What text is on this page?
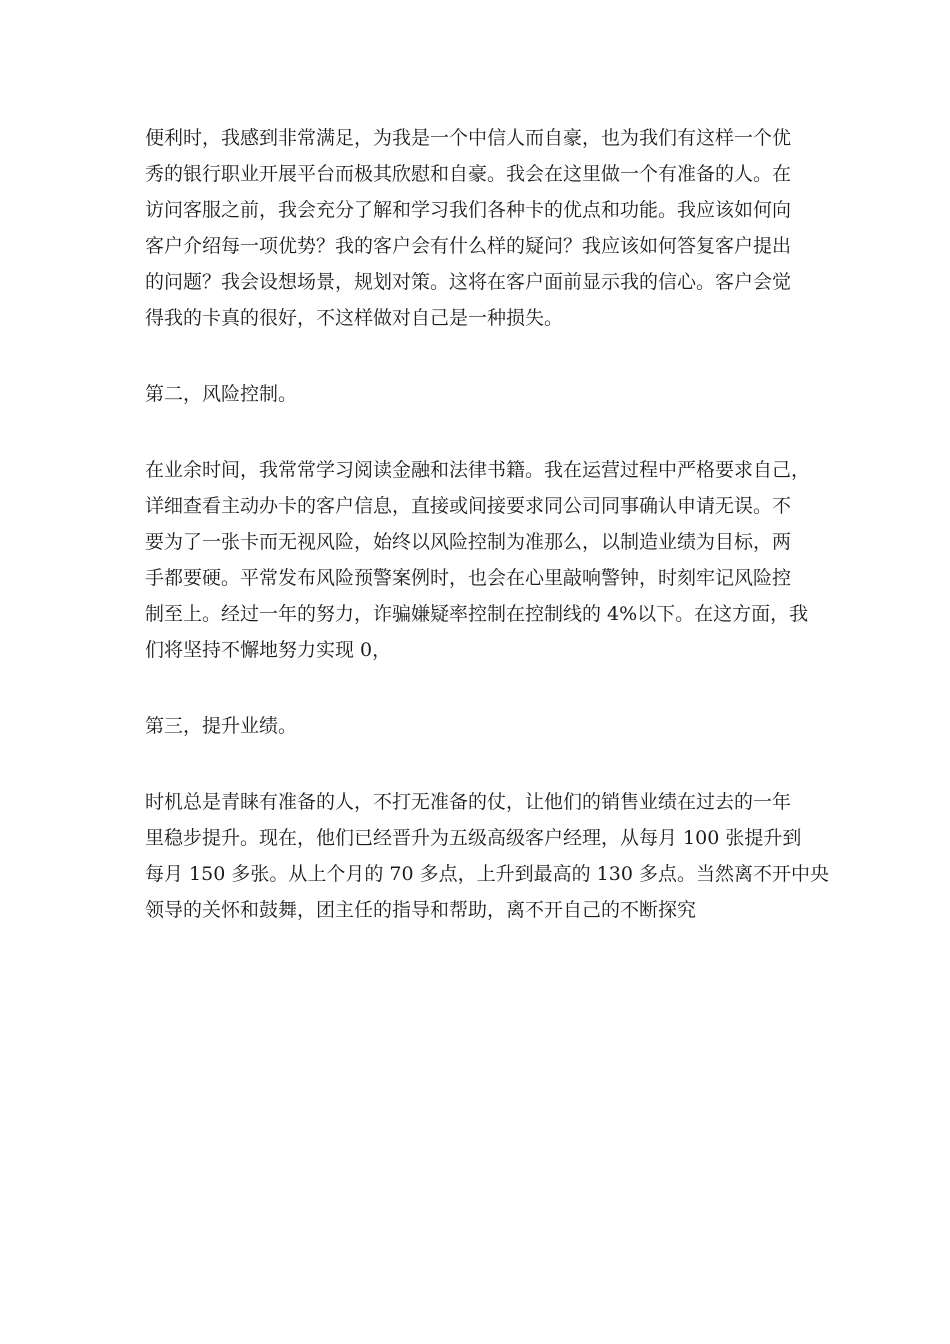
便利时，我感到非常满足，为我是一个中信人而自豪，也为我们有这样一个优
秀的银行职业开展平台而极其欣慰和自豪。我会在这里做一个有准备的人。在
访问客服之前，我会充分了解和学习我们各种卡的优点和功能。我应该如何向
客户介绍每一项优势？我的客户会有什么样的疑问？我应该如何答复客户提出
的问题？我会设想场景，规划对策。这将在客户面前显示我的信心。客户会觉
得我的卡真的很好，不这样做对自己是一种损失。
第二，风险控制。
在业余时间，我常常学习阅读金融和法律书籍。我在运营过程中严格要求自己，
详细查看主动办卡的客户信息，直接或间接要求同公司同事确认申请无误。不
要为了一张卡而无视风险，始终以风险控制为准那么，以制造业绩为目标，两
手都要硬。平常发布风险预警案例时，也会在心里敲响警钟，时刻牢记风险控
制至上。经过一年的努力，诈骗嫌疑率控制在控制线的 4%以下。在这方面，我
们将坚持不懈地努力实现 0，
第三，提升业绩。
时机总是青睐有准备的人，不打无准备的仗，让他们的销售业绩在过去的一年
里稳步提升。现在，他们已经晋升为五级高级客户经理，从每月 100 张提升到
每月 150 多张。从上个月的 70 多点，上升到最高的 130 多点。当然离不开中央
领导的关怀和鼓舞，团主任的指导和帮助，离不开自己的不断探究
